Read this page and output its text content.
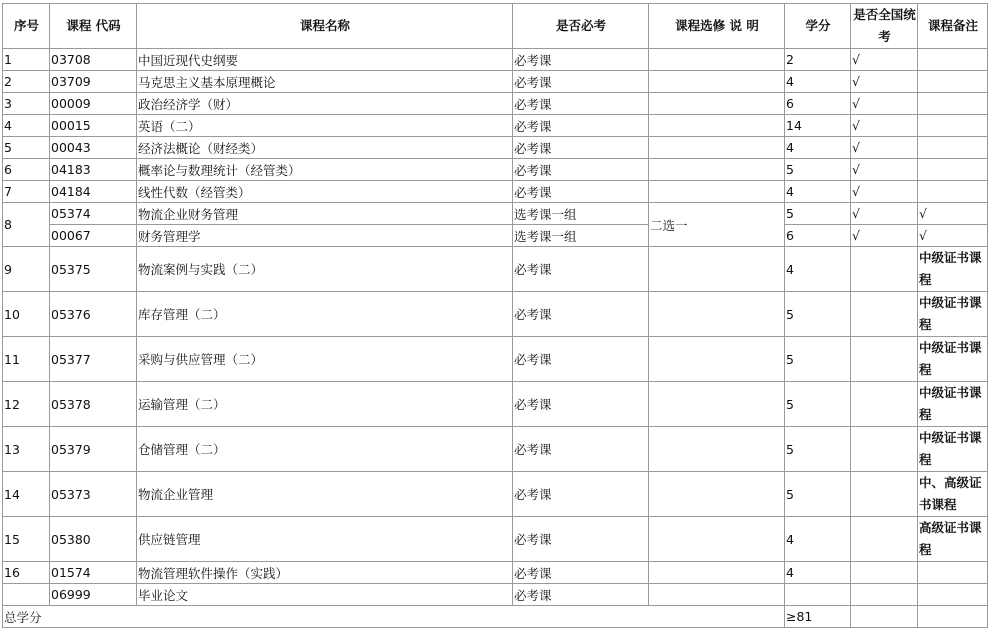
序号	课程 代码	课程名称	是否必考	课程选修 说 明	学分	是否全国统考	课程备注
1	03708	中国近现代史纲要	必考课		2	√	
2	03709	马克思主义基本原理概论	必考课		4	√	
3	00009	政治经济学（财）	必考课		6	√	
4	00015	英语（二）	必考课		14	√	
5	00043	经济法概论（财经类）	必考课		4	√	
6	04183	概率论与数理统计（经管类）	必考课		5	√	
7	04184	线性代数（经管类）	必考课		4	√	
8	05374	物流企业财务管理	选考课一组	二选一	5	√	√
	00067	财务管理学	选考课一组		6	√	√
9	05375	物流案例与实践（二）	必考课		4		中级证书课程
10	05376	库存管理（二）	必考课		5		中级证书课程
11	05377	采购与供应管理（二）	必考课		5		中级证书课程
12	05378	运输管理（二）	必考课		5		中级证书课程
13	05379	仓储管理（二）	必考课		5		中级证书课程
14	05373	物流企业管理	必考课		5		中、高级证书课程
15	05380	供应链管理	必考课		4		高级证书课程
16	01574	物流管理软件操作（实践）	必考课		4		
	06999	毕业论文	必考课				
总学分					≥81		
